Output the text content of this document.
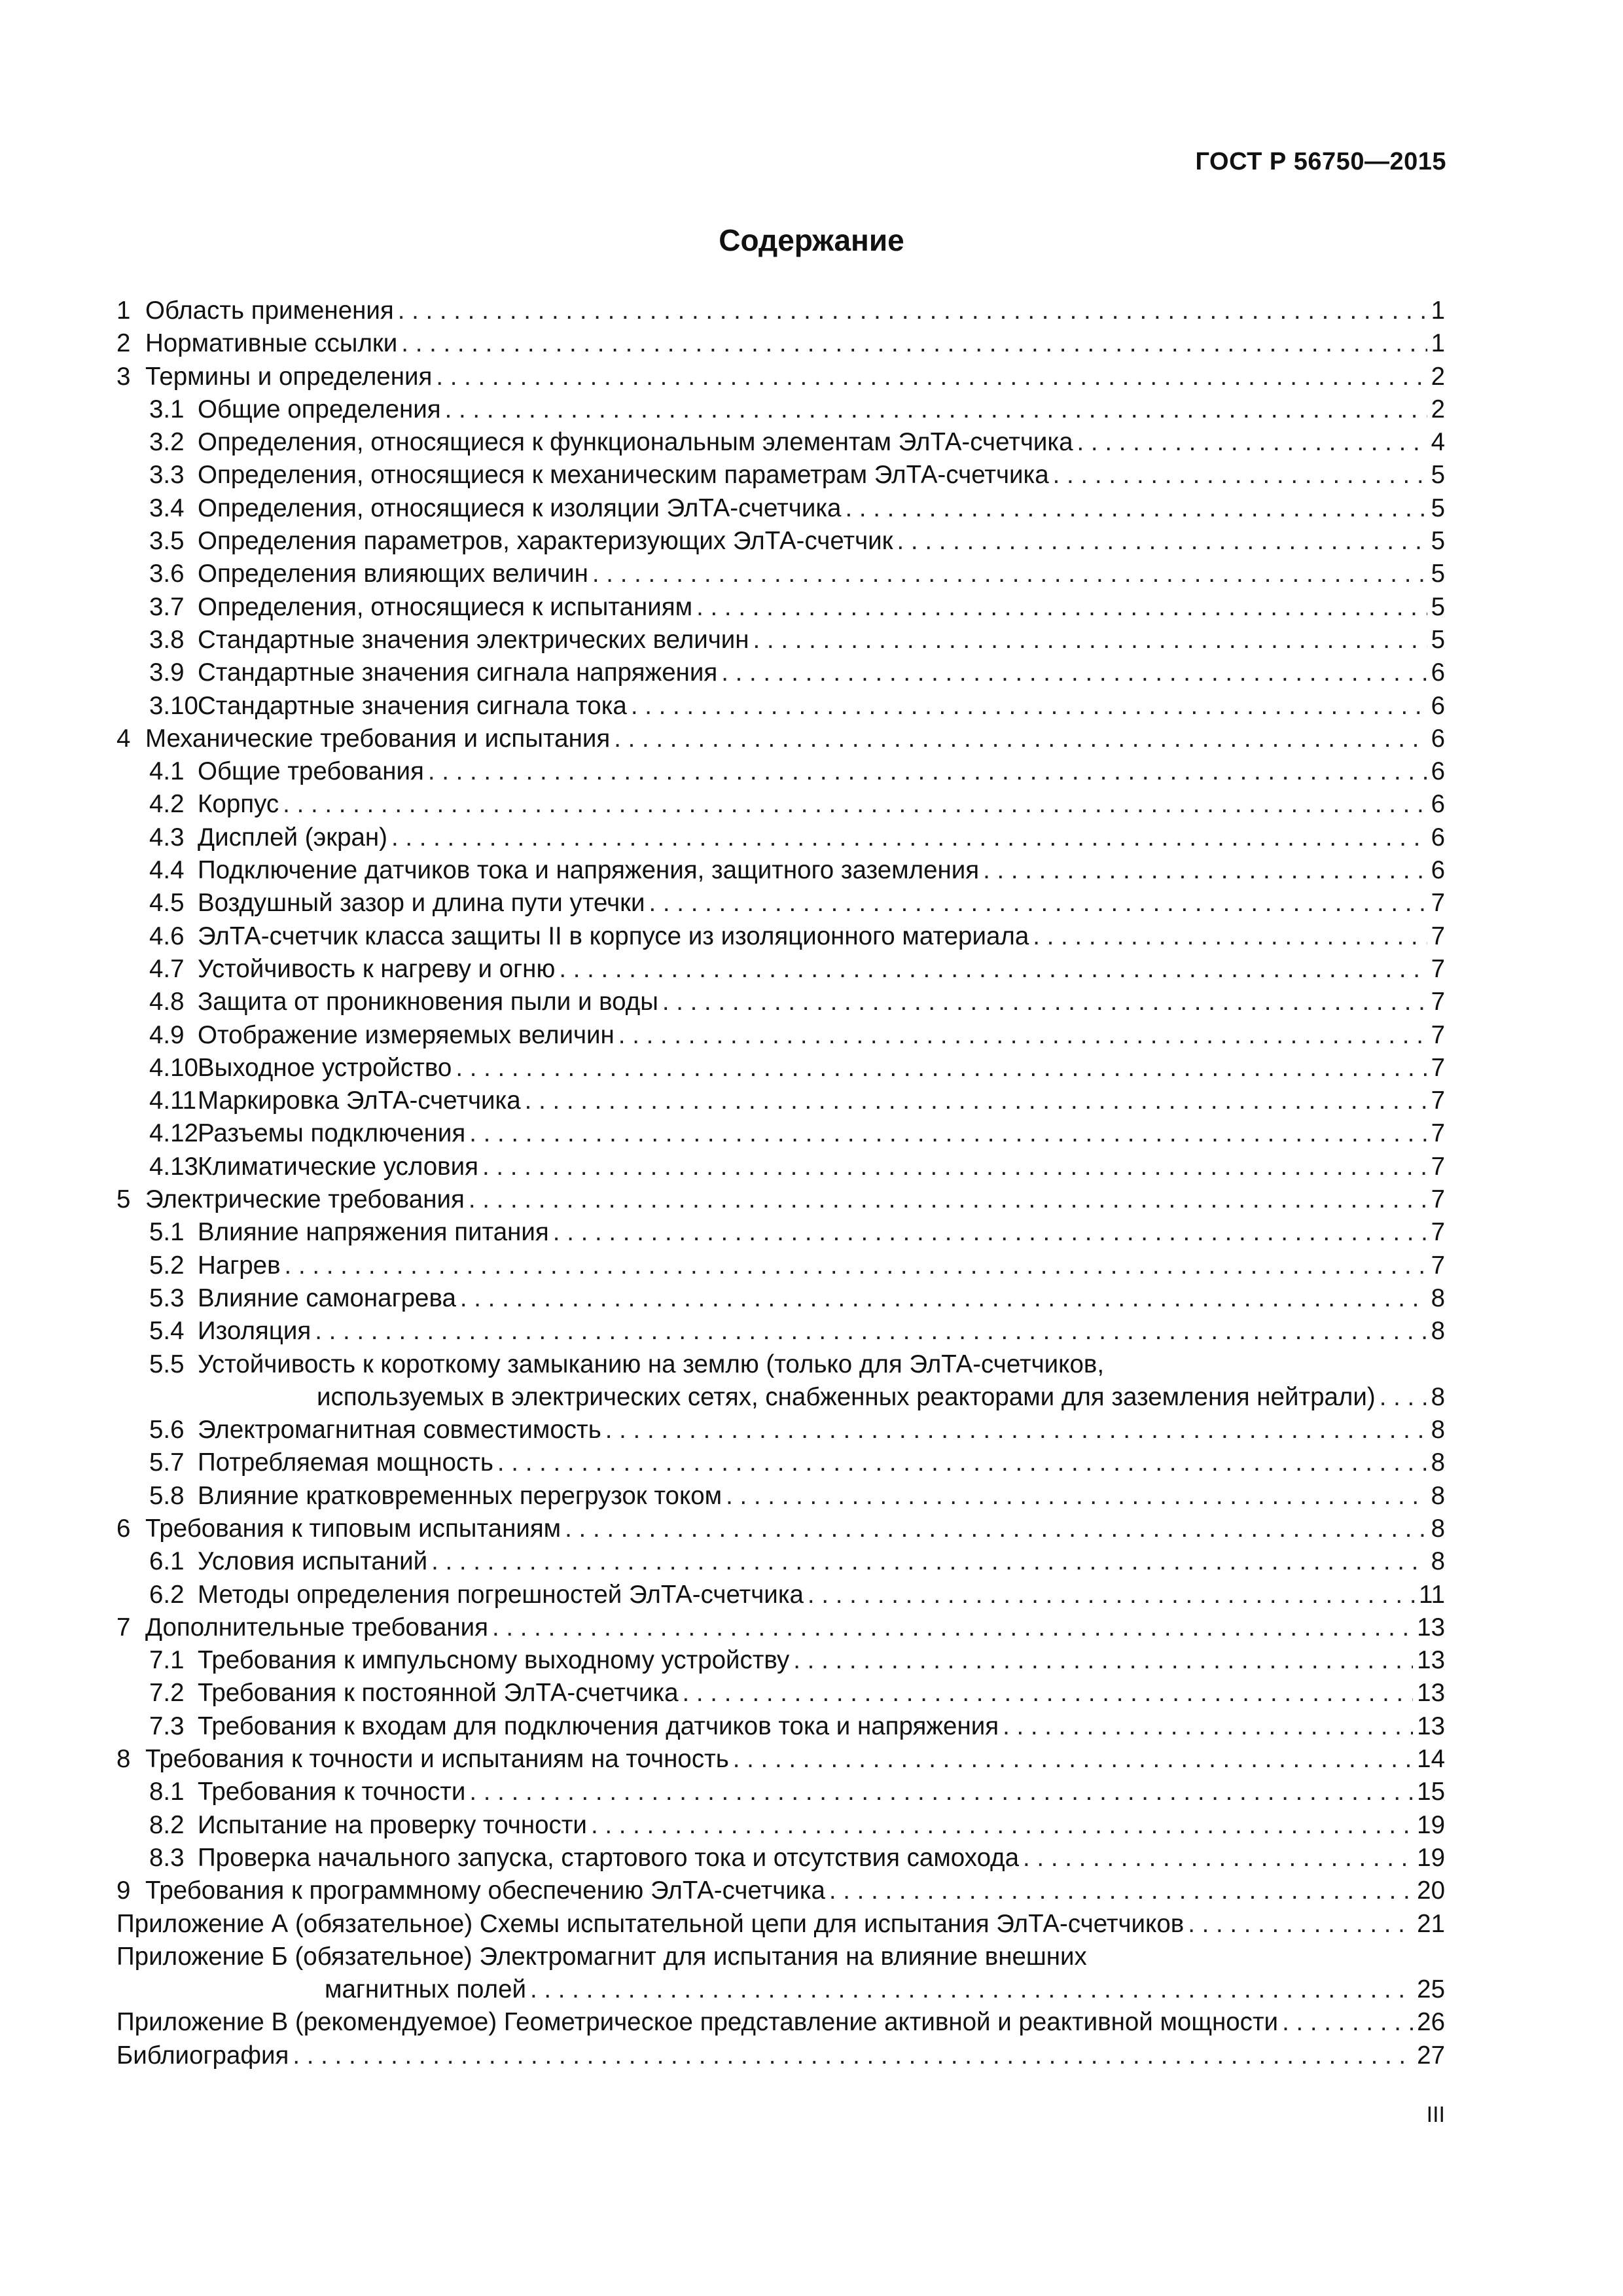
ГОСТ Р 56750—2015
Содержание
1 Область применения . . .	1
2 Нормативные ссылки . . .	1
3 Термины и определения . . .	2
3.1 Общие определения . . .	2
3.2 Определения, относящиеся к функциональным элементам ЭлТА-счетчика . . .	4
3.3 Определения, относящиеся к механическим параметрам ЭлТА-счетчика . . .	5
3.4 Определения, относящиеся к изоляции ЭлТА-счетчика . . .	5
3.5 Определения параметров, характеризующих ЭлТА-счетчик . . .	5
3.6 Определения влияющих величин . . .	5
3.7 Определения, относящиеся к испытаниям . . .	5
3.8 Стандартные значения электрических величин . . .	5
3.9 Стандартные значения сигнала напряжения . . .	6
3.10 Стандартные значения сигнала тока . . .	6
4 Механические требования и испытания . . .	6
4.1 Общие требования . . .	6
4.2 Корпус . . .	6
4.3 Дисплей (экран) . . .	6
4.4 Подключение датчиков тока и напряжения, защитного заземления . . .	6
4.5 Воздушный зазор и длина пути утечки . . .	7
4.6 ЭлТА-счетчик класса защиты II в корпусе из изоляционного материала . . .	7
4.7 Устойчивость к нагреву и огню . . .	7
4.8 Защита от проникновения пыли и воды . . .	7
4.9 Отображение измеряемых величин . . .	7
4.10 Выходное устройство . . .	7
4.11 Маркировка ЭлТА-счетчика . . .	7
4.12 Разъемы подключения . . .	7
4.13 Климатические условия . . .	7
5 Электрические требования . . .	7
5.1 Влияние напряжения питания . . .	7
5.2 Нагрев . . .	7
5.3 Влияние самонагрева . . .	8
5.4 Изоляция . . .	8
5.5 Устойчивость к короткому замыканию на землю (только для ЭлТА-счетчиков,
используемых в электрических сетях, снабженных реакторами для заземления нейтрали) . . . 8
5.6 Электромагнитная совместимость . . .	8
5.7 Потребляемая мощность . . .	8
5.8 Влияние кратковременных перегрузок током . . .	8
6 Требования к типовым испытаниям . . .	8
6.1 Условия испытаний . . .	8
6.2 Методы определения погрешностей ЭлТА-счетчика . . .	11
7 Дополнительные требования . . .	13
7.1 Требования к импульсному выходному устройству . . .	13
7.2 Требования к постоянной ЭлТА-счетчика . . .	13
7.3 Требования к входам для подключения датчиков тока и напряжения . . .	13
8 Требования к точности и испытаниям на точность . . .	14
8.1 Требования к точности . . .	15
8.2 Испытание на проверку точности . . .	19
8.3 Проверка начального запуска, стартового тока и отсутствия самохода . . .	19
9 Требования к программному обеспечению ЭлТА-счетчика . . .	20
Приложение А (обязательное) Схемы испытательной цепи для испытания ЭлТА-счетчиков . . .	21
Приложение Б (обязательное) Электромагнит для испытания на влияние внешних
магнитных полей . . .	25
Приложение В (рекомендуемое) Геометрическое представление активной и реактивной мощности . . .	26
Библиография . . .	27
III
